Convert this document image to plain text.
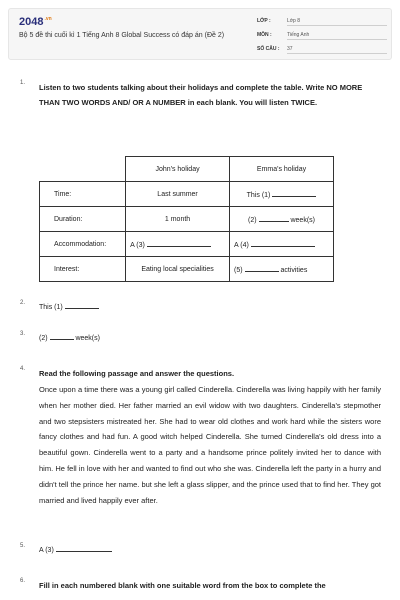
$2048^{.vn}$
Bộ 5 đề thi cuối kì 1 Tiếng Anh 8 Global Success có đáp án (Đề 2)
LỚP :	Lớp 8
MÔN :	Tiếng Anh
SỐ CÂU : 37
1. Listen to two students talking about their holidays and complete the table. Write NO MORE THAN TWO WORDS AND/ OR A NUMBER in each blank. You will listen TWICE.
	John's holiday	Emma's holiday
Time:	Last summer	This (1)
Duration:	1 month	(2) week(s)
Accommodation:	A (3)	A (4)
Interest:	Eating local specialities	(5) activities
2.
This (1)
3.
(2)	week(s)
4. Read the following passage and answer the questions.
Once upon a time there was a young girl called Cinderella. Cinderella was living happily with her family when her mother died. Her father married an evil widow with two daughters. Cinderella's stepmother and two stepsisters mistreated her. She had to wear old clothes and work hard while the sisters wore fancy clothes and had fun. A good witch helped Cinderella. She turned Cinderella's old dress into a beautiful gown. Cinderella went to a party and a handsome prince politely invited her to dance with him. He fell in love with her and wanted to find out who she was. Cinderella left the party in a hurry and didn't tell the prince her name. but she left a glass slipper, and the prince used that to find her. They got married and lived happily ever after.
5.
A (3)
6. Fill in each numbered blank with one suitable word from the box to complete the
